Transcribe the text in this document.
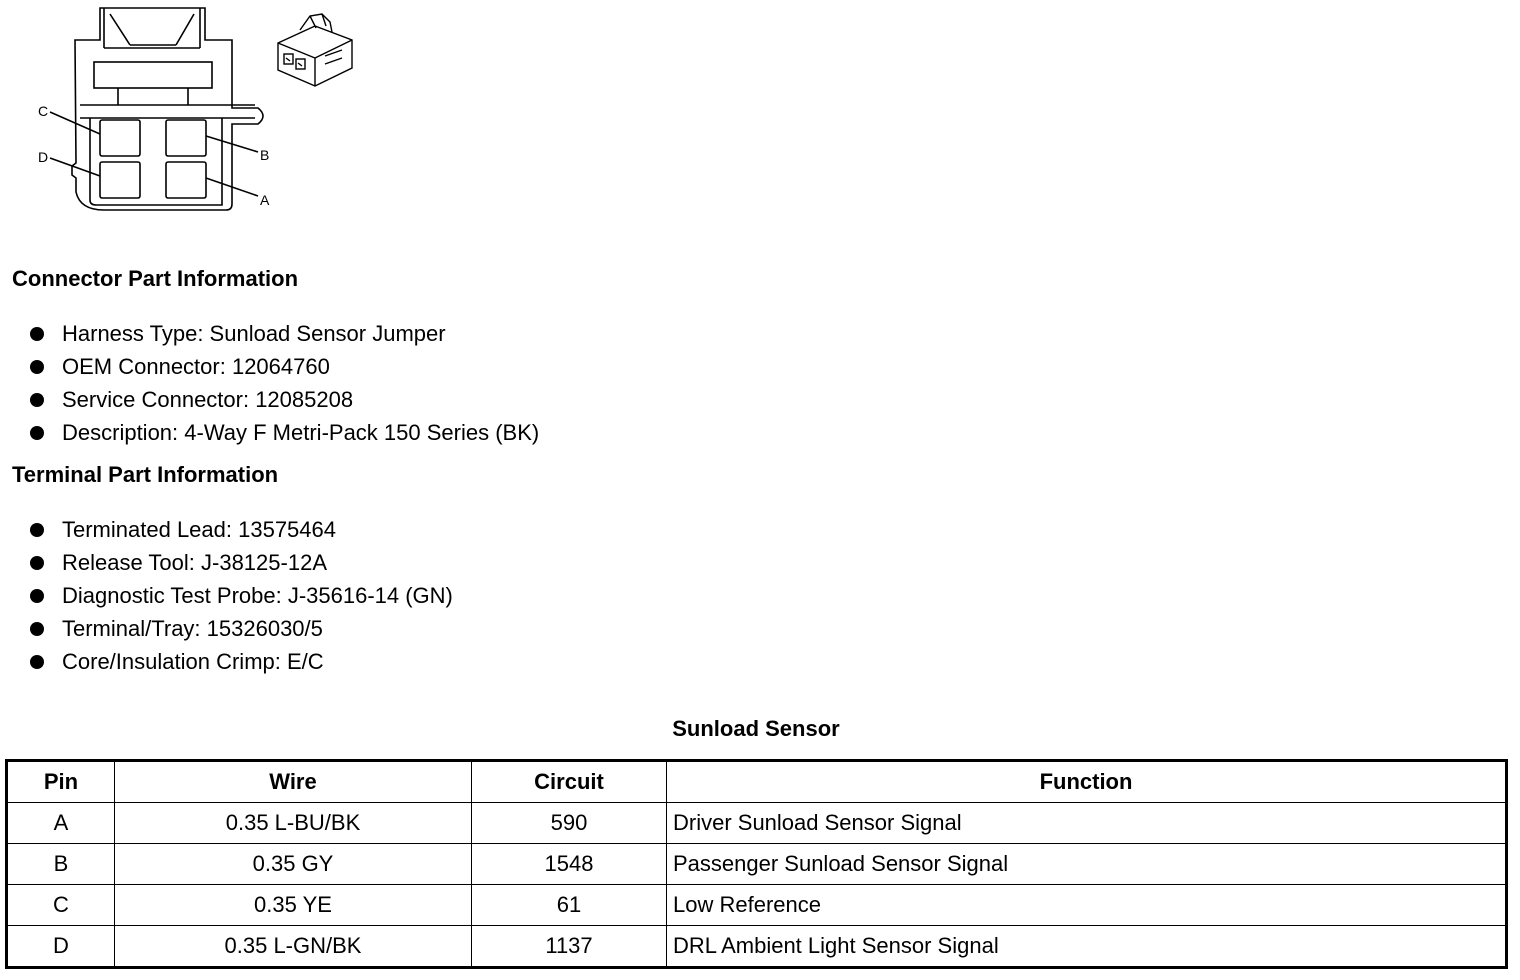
C
D	B
A
Connector Part Information
Harness Type: Sunload Sensor Jumper
OEM Connector: 12064760
Service Connector: 12085208
Description: 4-Way F Metri-Pack 150 Series (BK)
Terminal Part Information
Terminated Lead: 13575464
Release Tool: J-38125-12A
Diagnostic Test Probe: J-35616-14 (GN)
Terminal/Tray: 15326030/5
Core/Insulation Crimp: E/C
Sunload Sensor
Pin	Wire	Circuit	Function
A	0.35 L-BU/BK	590	Driver Sunload Sensor Signal
B	0.35 GY	1548	Passenger Sunload Sensor Signal
C	0.35 YE	61	Low Reference
D	0.35 L-GN/BK	1137	DRL Ambient Light Sensor Signal
